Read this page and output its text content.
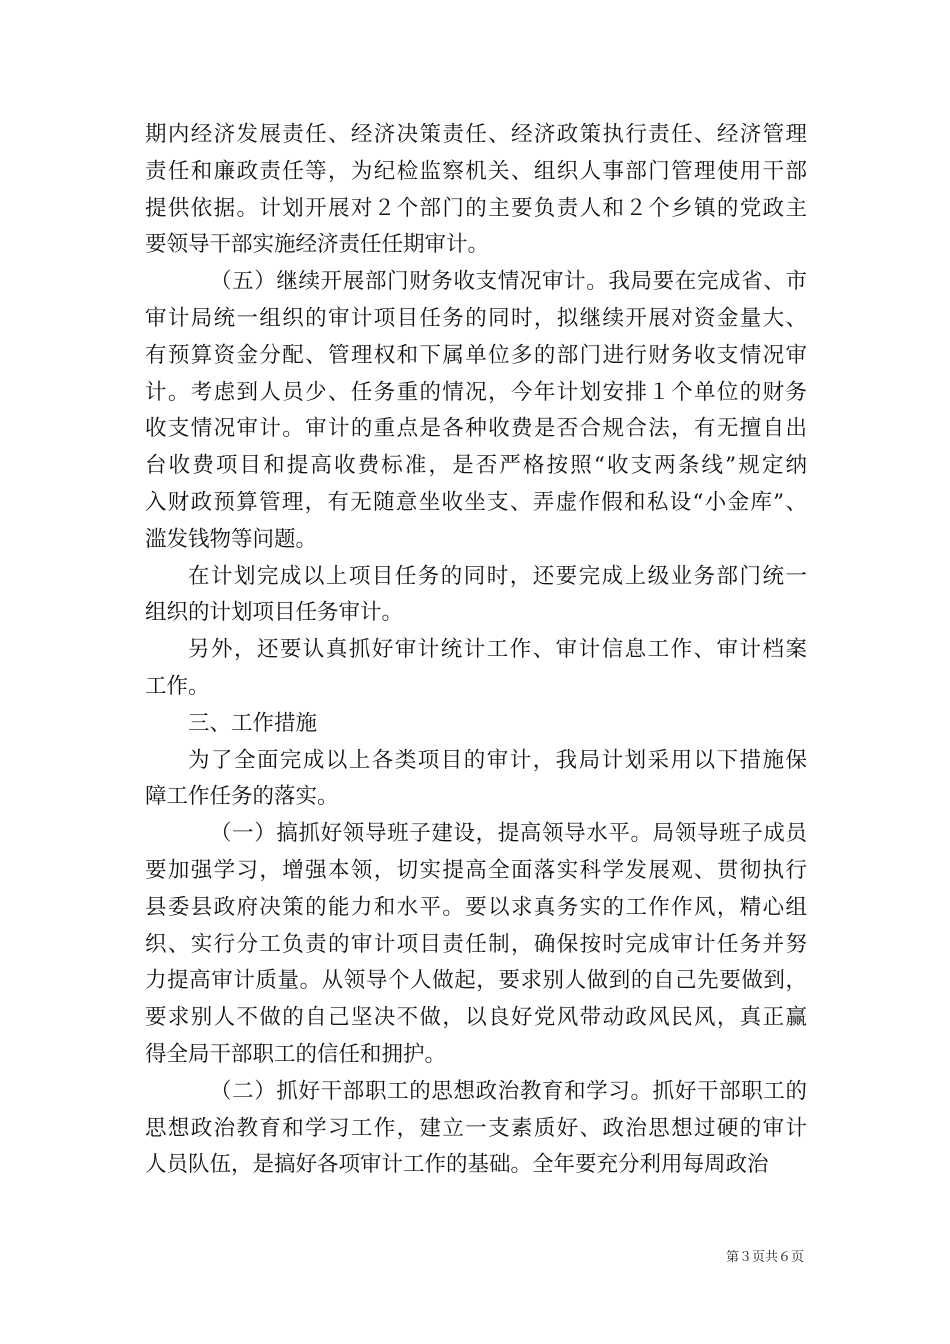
期内经济发展责任、经济决策责任、经济政策执行责任、经济管理
责任和廉政责任等，为纪检监察机关、组织人事部门管理使用干部
提供依据。计划开展对２个部门的主要负责人和２个乡镇的党政主
要领导干部实施经济责任任期审计。

（五）继续开展部门财务收支情况审计。我局要在完成省、市
审计局统一组织的审计项目任务的同时，拟继续开展对资金量大、
有预算资金分配、管理权和下属单位多的部门进行财务收支情况审
计。考虑到人员少、任务重的情况，今年计划安排１个单位的财务
收支情况审计。审计的重点是各种收费是否合规合法，有无擅自出
台收费项目和提高收费标准，是否严格按照“收支两条线”规定纳
入财政预算管理，有无随意坐收坐支、弄虚作假和私设“小金库”、
滥发钱物等问题。

在计划完成以上项目任务的同时，还要完成上级业务部门统一
组织的计划项目任务审计。

另外，还要认真抓好审计统计工作、审计信息工作、审计档案
工作。

三、工作措施

为了全面完成以上各类项目的审计，我局计划采用以下措施保
障工作任务的落实。

（一）搞抓好领导班子建设，提高领导水平。局领导班子成员
要加强学习，增强本领，切实提高全面落实科学发展观、贯彻执行
县委县政府决策的能力和水平。要以求真务实的工作作风，精心组
织、实行分工负责的审计项目责任制，确保按时完成审计任务并努
力提高审计质量。从领导个人做起，要求别人做到的自己先要做到，
要求别人不做的自己坚决不做，以良好党风带动政风民风，真正赢
得全局干部职工的信任和拥护。

（二）抓好干部职工的思想政治教育和学习。抓好干部职工的
思想政治教育和学习工作，建立一支素质好、政治思想过硬的审计
人员队伍，是搞好各项审计工作的基础。全年要充分利用每周政治

第３页共６页
